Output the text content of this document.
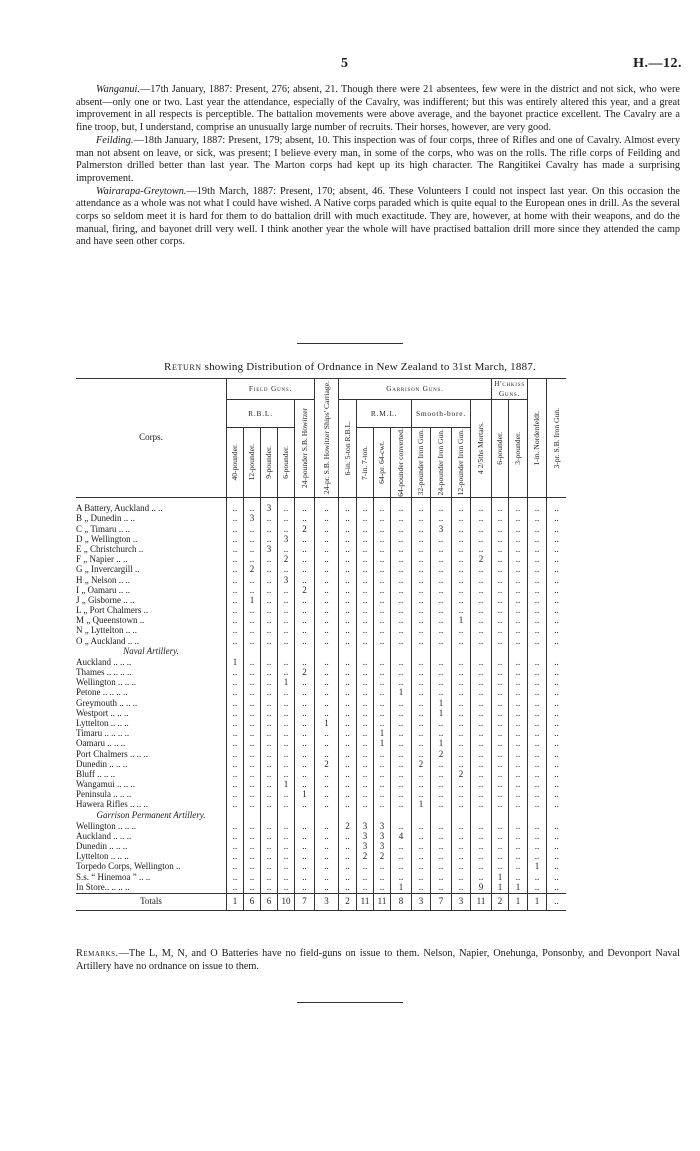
5	H.—12.

Wanganui.—17th January, 1887: Present, 276; absent, 21. Though there were 21 absentees, few were in the district and not sick, who were absent—only one or two. Last year the attendance, especially of the Cavalry, was indifferent; but this was entirely altered this year, and a great improvement in all respects is perceptible. The battalion movements were above average, and the bayonet practice excellent. The Cavalry are a fine troop, but, I understand, comprise an unusually large number of recruits. Their horses, however, are very good.

Feilding.—18th January, 1887: Present, 179; absent, 10. This inspection was of four corps, three of Rifles and one of Cavalry. Almost every man not absent on leave, or sick, was present; I believe every man, in some of the corps, who was on the rolls. The rifle corps of Feilding and Palmerston drilled better than last year. The Marton corps had kept up its high character. The Rangitikei Cavalry has made a surprising improvement.

Wairarapa-Greytown.—19th March, 1887: Present, 170; absent, 46. These Volunteers I could not inspect last year. On this occasion the attendance as a whole was not what I could have wished. A Native corps paraded which is quite equal to the European ones in drill. As the several corps so seldom meet it is hard for them to do battalion drill with much exactitude. They are, however, at home with their weapons, and do the manual, firing, and bayonet drill very well. I think another year the whole will have practised battalion drill more since they attended the camp and have seen other corps.

Return showing Distribution of Ordnance in New Zealand to 31st March, 1887.
Corps.	Field Guns.					24-pr. S.B. Howitzer Ships' Carriage.	Garrison Guns.								H'chkiss Guns.		1-in. Nordenfeldt.	3-pr. S.B. Iron Gun.

	R.B.L.				24-pounder S.B. Howitzer		6-in. 5-ton R.B.L.	R.M.L.			Smooth-bore.			4 2/5ths Mortars.	6-pounder.	3-pounder.		

	40-pounder.	12-pounder.	9-pounder.	6-pounder.				7-in. 7-ton.	64-pr. 64-cwt.	64-pounder converted.	32-pounder Iron Gun.	24-pounder Iron Gun.	12-pounder Iron Gun.					

A Battery, Auckland .. ..	..	..	3	..	..	..	..	..	..	..	..	..	..	..	..	..	..	..
B „ Dunedin .. ..	..	3	..	..	..	..	..	..	..	..	..	..	..	..	..	..	..	..
C „ Timaru .. ..	..	..	..	..	2	..	..	..	..	..	..	3	..	..	..	..	..	..
D „ Wellington ..	..	..	..	3	..	..	..	..	..	..	..	..	..	..	..	..	..	..
E „ Christchurch ..	..	..	3	..	..	..	..	..	..	..	..	..	..	..	..	..	..	..
F „ Napier .. ..	..	..	..	2	..	..	..	..	..	..	..	..	..	2	..	..	..	..
G „ Invercargill ..	..	2	..	..	..	..	..	..	..	..	..	..	..	..	..	..	..	..
H „ Nelson .. ..	..	..	..	3	..	..	..	..	..	..	..	..	..	..	..	..	..	..
I „ Oamaru .. ..	..	..	..	..	2	..	..	..	..	..	..	..	..	..	..	..	..	..
J „ Gisborne .. ..	..	1	..	..	..	..	..	..	..	..	..	..	..	..	..	..	..	..
L „ Port Chalmers ..	..	..	..	..	..	..	..	..	..	..	..	..	..	..	..	..	..	..
M „ Queenstown ..	..	..	..	..	..	..	..	..	..	..	..	..	1	..	..	..	..	..
N „ Lyttelton .. ..	..	..	..	..	..	..	..	..	..	..	..	..	..	..	..	..	..	..
O „ Auckland .. ..	..	..	..	..	..	..	..	..	..	..	..	..	..	..	..	..	..	..
Naval Artillery.																		
Auckland .. .. ..	1	..	..	..	..	..	..	..	..	..	..	..	..	..	..	..	..	..
Thames .. .. .. ..	..	..	..	..	2	..	..	..	..	..	..	..	..	..	..	..	..	..
Wellington .. .. ..	..	..	..	1	..	..	..	..	..	..	..	..	..	..	..	..	..	..
Petone .. .. .. ..	..	..	..	..	..	..	..	..	..	1	..	..	..	..	..	..	..	..
Greymouth .. .. ..	..	..	..	..	..	..	..	..	..	..	..	1	..	..	..	..	..	..
Westport .. .. ..	..	..	..	..	..	..	..	..	..	..	..	1	..	..	..	..	..	..
Lyttelton .. .. ..	..	..	..	..	..	1	..	..	..	..	..	..	..	..	..	..	..	..
Timaru .. .. .. ..	..	..	..	..	..	..	..	..	1	..	..	..	..	..	..	..	..	..
Oamaru .. .. ..	..	..	..	..	..	..	..	..	1	..	..	1	..	..	..	..	..	..
Port Chalmers .. .. ..	..	..	..	..	..	..	..	..	..	..	..	2	..	..	..	..	..	..
Dunedin .. .. ..	..	..	..	..	..	2	..	..	..	..	2	..	..	..	..	..	..	..
Bluff .. .. ..	..	..	..	..	..	..	..	..	..	..	..	..	2	..	..	..	..	..
Wangamui .. .. ..	..	..	..	1	..	..	..	..	..	..	..	..	..	..	..	..	..	..
Peninsula .. .. ..	..	..	..	..	1	..	..	..	..	..	..	..	..	..	..	..	..	..
Hawera Rifles .. .. ..	..	..	..	..	..	..	..	..	..	..	1	..	..	..	..	..	..	..
Garrison Permanent Artillery.																		
Wellington .. .. ..	..	..	..	..	..	..	2	3	3	..	..	..	..	..	..	..	..	..
Auckland .. .. ..	..	..	..	..	..	..	..	3	3	4	..	..	..	..	..	..	..	..
Dunedin .. .. ..	..	..	..	..	..	..	..	3	3	..	..	..	..	..	..	..	..	..
Lyttelton .. .. ..	..	..	..	..	..	..	..	2	2	..	..	..	..	..	..	..	..	..
Torpedo Corps, Wellington ..	..	..	..	..	..	..	..	..	..	..	..	..	..	..	..	..	1	..
S.s. “ Hinemoa ” .. ..	..	..	..	..	..	..	..	..	..	..	..	..	..	..	1	..	..	..
In Store.. .. .. ..	..	..	..	..	..	..	..	..	..	1	..	..	..	9	1	1	..	..
Totals	1	6	6	10	7	3	2	11	11	8	3	7	3	11	2	1	1	..
Remarks.—The L, M, N, and O Batteries have no field-guns on issue to them. Nelson, Napier, Onehunga, Ponsonby, and Devonport Naval Artillery have no ordnance on issue to them.
